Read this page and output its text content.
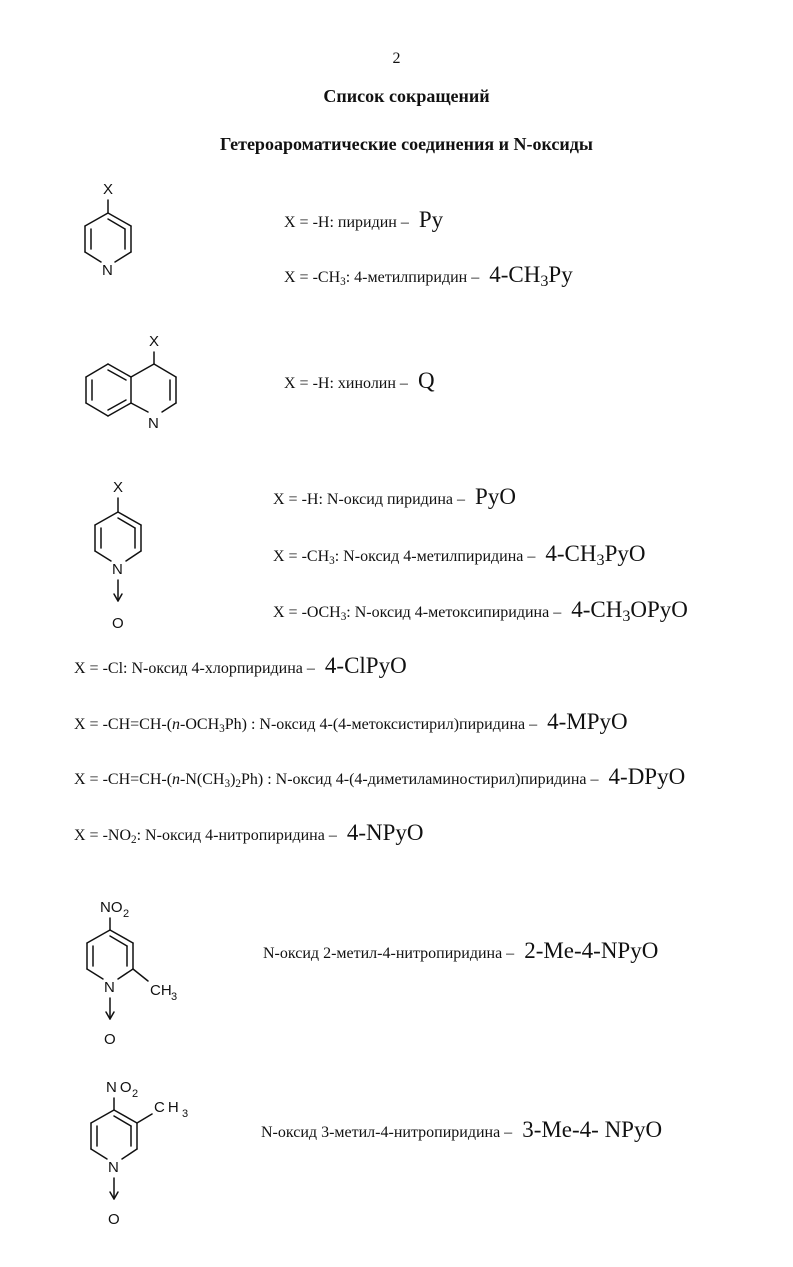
2
Список сокращений
Гетероароматические соединения и N-оксиды
X
N
X
N
X
N
O
NO 2
CH 3
N
O
NO
2
CH 3
N
O
X = -H: пиридин – Py
$X = -CH_3$: 4-метилпиридин – $4-CH_3Py$
X = -H: хинолин – Q
X = -H: N-оксид пиридина – PyO
$X = -CH_3$: N-оксид 4-метилпиридина – $4-CH_3PyO$
$X = -OCH_3$: N-оксид 4-метоксипиридина – $4-CH_3OPyO$
X = -Cl: N-оксид 4-хлорпиридина – 4-ClPyO
$X = -CH=CH-(n-OCH_3Ph)$ : N-оксид 4-(4-метоксистирил)пиридина – 4-MPyO
$X = -CH=CH-(n-N(CH_3)_2Ph)$ : N-оксид 4-(4-диметиламиностирил)пиридина – 4-DPyO
$X = -NO_2$: N-оксид 4-нитропиридина – 4-NPyO
N-оксид 2-метил-4-нитропиридина – 2-Me-4-NPyO
N-оксид 3-метил-4-нитропиридина – 3-Me-4- NPyO
